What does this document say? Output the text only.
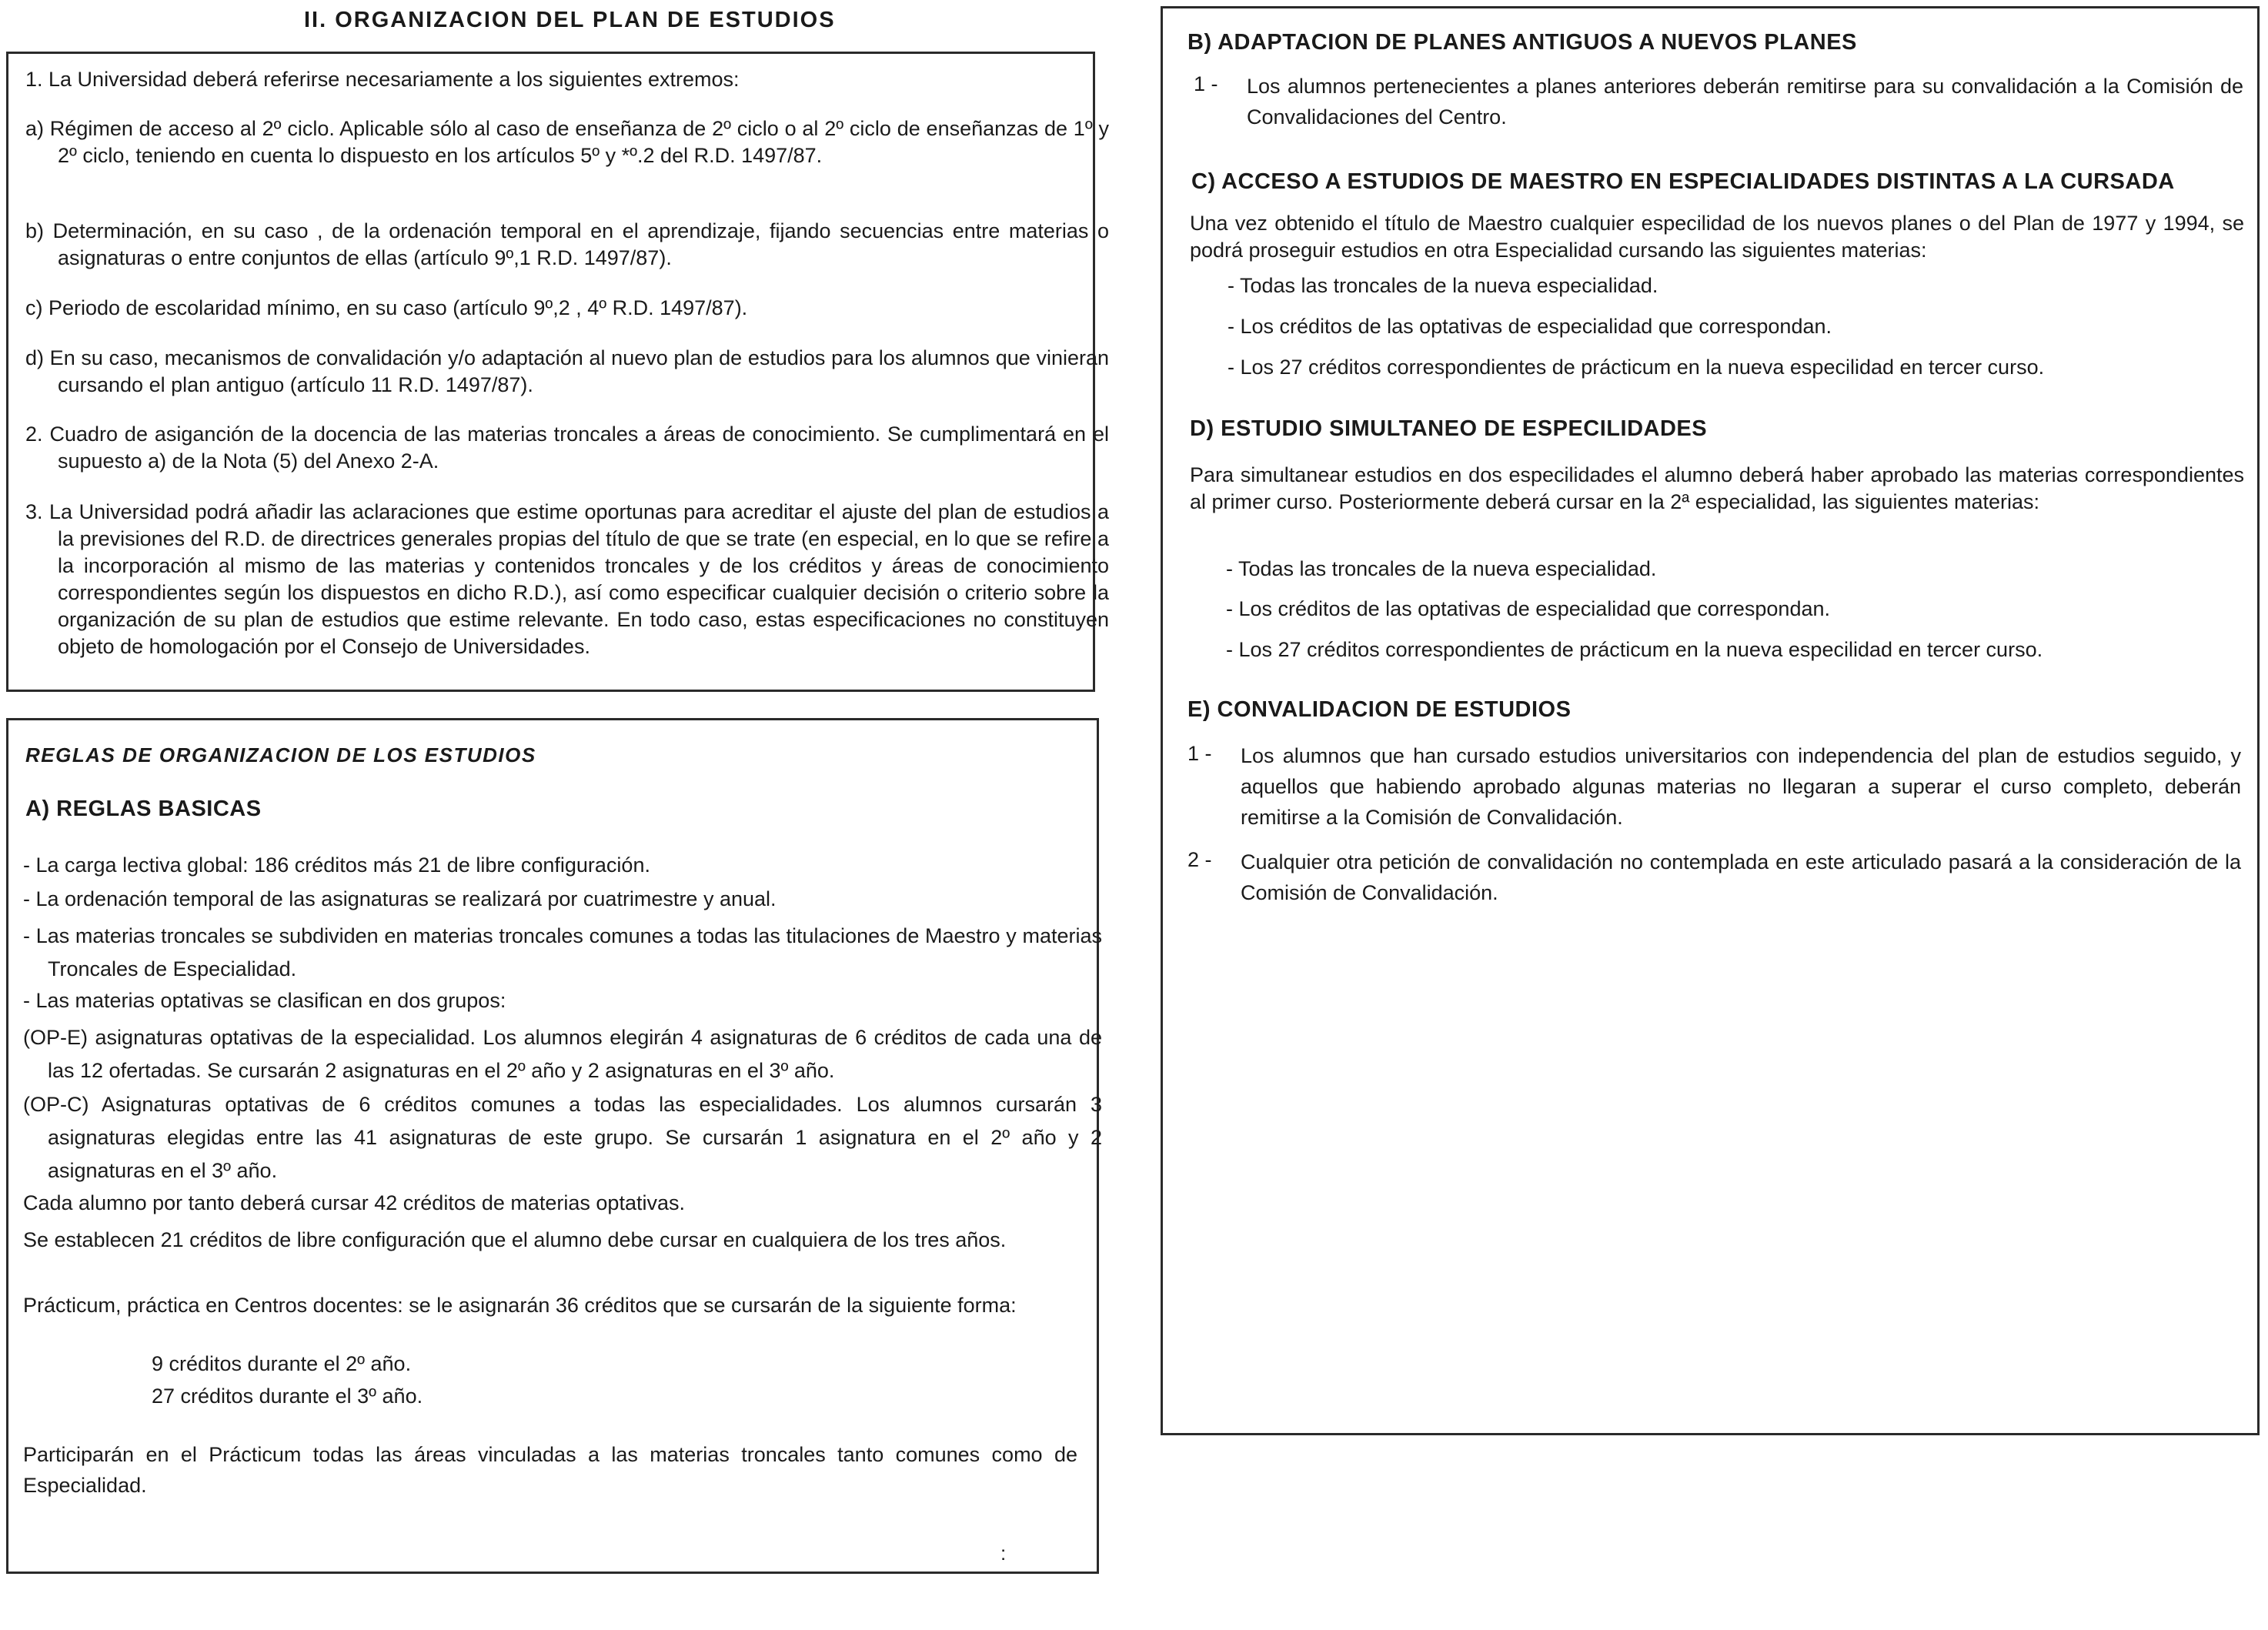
II. ORGANIZACION DEL PLAN DE ESTUDIOS

1. La Universidad deberá referirse necesariamente a los siguientes extremos:

a) Régimen de acceso al 2º ciclo. Aplicable sólo al caso de enseñanza de 2º ciclo o al 2º ciclo de enseñanzas de 1º y 2º ciclo, teniendo en cuenta lo dispuesto en los artículos 5º y *º.2 del R.D. 1497/87.

b) Determinación, en su caso , de la ordenación temporal en el aprendizaje, fijando secuencias entre materias o asignaturas o entre conjuntos de ellas (artículo 9º,1 R.D. 1497/87).

c) Periodo de escolaridad mínimo, en su caso (artículo 9º,2 , 4º R.D. 1497/87).

d) En su caso, mecanismos de convalidación y/o adaptación al nuevo plan de estudios para los alumnos que vinieran cursando el plan antiguo (artículo 11 R.D. 1497/87).

2. Cuadro de asiganción de la docencia de las materias troncales a áreas de conocimiento. Se cumplimentará en el supuesto a) de la Nota (5) del Anexo 2-A.

3. La Universidad podrá añadir las aclaraciones que estime oportunas para acreditar el ajuste del plan de estudios a la previsiones del R.D. de directrices generales propias del título de que se trate (en especial, en lo que se refire a la incorporación al mismo de las materias y contenidos troncales y de los créditos y áreas de conocimiento correspondientes según los dispuestos en dicho R.D.), así como especificar cualquier decisión o criterio sobre la organización de su plan de estudios que estime relevante. En todo caso, estas especificaciones no constituyen objeto de homologación por el Consejo de Universidades.

REGLAS DE ORGANIZACION DE LOS ESTUDIOS
A) REGLAS BASICAS

- La carga lectiva global: 186 créditos más 21 de libre configuración.

- La ordenación temporal de las asignaturas se realizará por cuatrimestre y anual.

- Las materias troncales se subdividen en materias troncales comunes a todas las titulaciones de Maestro y materias Troncales de Especialidad.

- Las materias optativas se clasifican en dos grupos:

(OP-E) asignaturas optativas de la especialidad. Los alumnos elegirán 4 asignaturas de 6 créditos de cada una de las 12 ofertadas. Se cursarán 2 asignaturas en el 2º año y 2 asignaturas en el 3º año.

(OP-C) Asignaturas optativas de 6 créditos comunes a todas las especialidades. Los alumnos cursarán 3 asignaturas elegidas entre las 41 asignaturas de este grupo. Se cursarán 1 asignatura en el 2º año y 2 asignaturas en el 3º año.

Cada alumno por tanto deberá cursar 42 créditos de materias optativas.

Se establecen 21 créditos de libre configuración que el alumno debe cursar en cualquiera de los tres años.

Prácticum, práctica en Centros docentes: se le asignarán 36 créditos que se cursarán de la siguiente forma:

9 créditos durante el 2º año.

27 créditos durante el 3º año.

Participarán en el Prácticum todas las áreas vinculadas a las materias troncales tanto comunes como de Especialidad.

:
B) ADAPTACION DE PLANES ANTIGUOS A NUEVOS PLANES
1 - Los alumnos pertenecientes a planes anteriores deberán remitirse para su convalidación a la Comisión de Convalidaciones del Centro.

C) ACCESO A ESTUDIOS DE MAESTRO EN ESPECIALIDADES DISTINTAS A LA CURSADA

Una vez obtenido el título de Maestro cualquier especilidad de los nuevos planes o del Plan de 1977 y 1994, se podrá proseguir estudios en otra Especialidad cursando las siguientes materias:

- Todas las troncales de la nueva especialidad.

- Los créditos de las optativas de especialidad que correspondan.

- Los 27 créditos correspondientes de prácticum en la nueva especilidad en tercer curso.

D) ESTUDIO SIMULTANEO DE ESPECILIDADES

Para simultanear estudios en dos especilidades el alumno deberá haber aprobado las materias correspondientes al primer curso. Posteriormente deberá cursar en la 2ª especialidad, las siguientes materias:

- Todas las troncales de la nueva especialidad.

- Los créditos de las optativas de especialidad que correspondan.

- Los 27 créditos correspondientes de prácticum en la nueva especilidad en tercer curso.

E) CONVALIDACION DE ESTUDIOS
1 - Los alumnos que han cursado estudios universitarios con independencia del plan de estudios seguido, y aquellos que habiendo aprobado algunas materias no llegaran a superar el curso completo, deberán remitirse a la Comisión de Convalidación.

2 - Cualquier otra petición de convalidación no contemplada en este articulado pasará a la consideración de la Comisión de Convalidación.
